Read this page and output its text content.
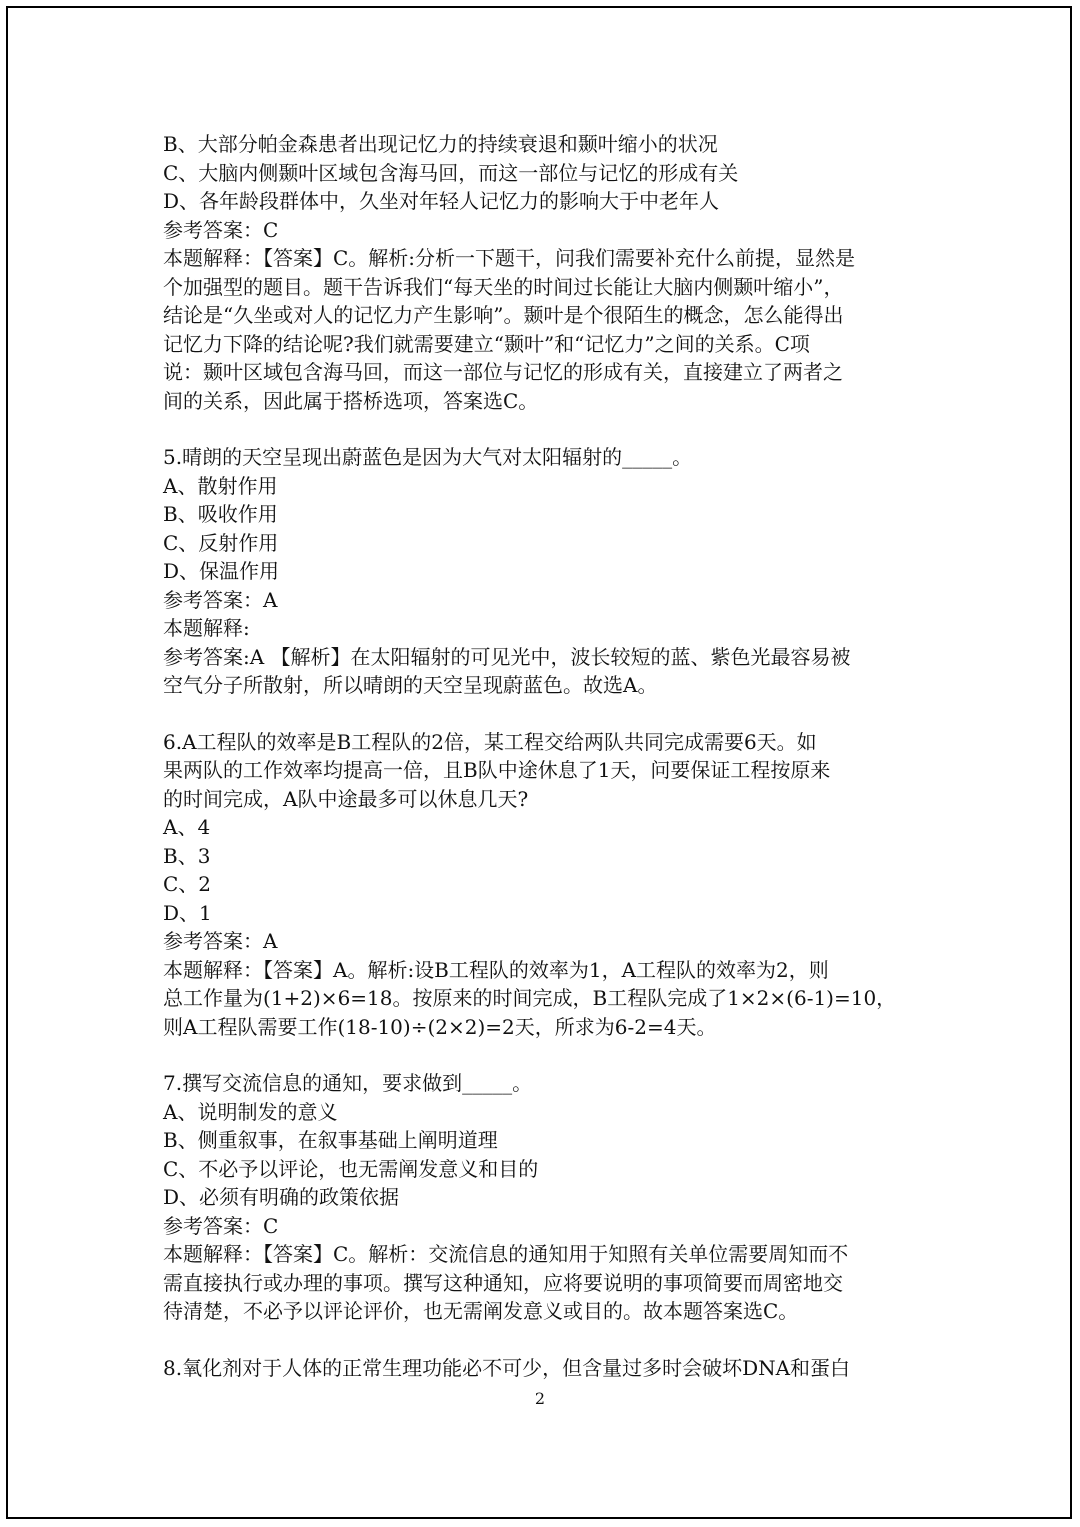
B、大部分帕金森患者出现记忆力的持续衰退和颞叶缩小的状况
C、大脑内侧颞叶区域包含海马回，而这一部位与记忆的形成有关
D、各年龄段群体中，久坐对年轻人记忆力的影响大于中老年人
参考答案：C
本题解释：【答案】C。解析:分析一下题干，问我们需要补充什么前提，显然是
个加强型的题目。题干告诉我们“每天坐的时间过长能让大脑内侧颞叶缩小”，
结论是“久坐或对人的记忆力产生影响”。颞叶是个很陌生的概念，怎么能得出
记忆力下降的结论呢?我们就需要建立“颞叶”和“记忆力”之间的关系。C项
说：颞叶区域包含海马回，而这一部位与记忆的形成有关，直接建立了两者之
间的关系，因此属于搭桥选项，答案选C。
5.晴朗的天空呈现出蔚蓝色是因为大气对太阳辐射的_____。
A、散射作用
B、吸收作用
C、反射作用
D、保温作用
参考答案：A
本题解释:
参考答案:A 【解析】在太阳辐射的可见光中，波长较短的蓝、紫色光最容易被
空气分子所散射，所以晴朗的天空呈现蔚蓝色。故选A。
6.A工程队的效率是B工程队的2倍，某工程交给两队共同完成需要6天。如
果两队的工作效率均提高一倍，且B队中途休息了1天，问要保证工程按原来
的时间完成，A队中途最多可以休息几天?
A、4
B、3
C、2
D、1
参考答案：A
本题解释：【答案】A。解析:设B工程队的效率为1，A工程队的效率为2，则
总工作量为(1+2)×6=18。按原来的时间完成，B工程队完成了1×2×(6-1)=10，
则A工程队需要工作(18-10)÷(2×2)=2天，所求为6-2=4天。
7.撰写交流信息的通知，要求做到_____。
A、说明制发的意义
B、侧重叙事，在叙事基础上阐明道理
C、不必予以评论，也无需阐发意义和目的
D、必须有明确的政策依据
参考答案：C
本题解释：【答案】C。解析：交流信息的通知用于知照有关单位需要周知而不
需直接执行或办理的事项。撰写这种通知，应将要说明的事项简要而周密地交
待清楚，不必予以评论评价，也无需阐发意义或目的。故本题答案选C。
8.氧化剂对于人体的正常生理功能必不可少，但含量过多时会破坏DNA和蛋白
2
